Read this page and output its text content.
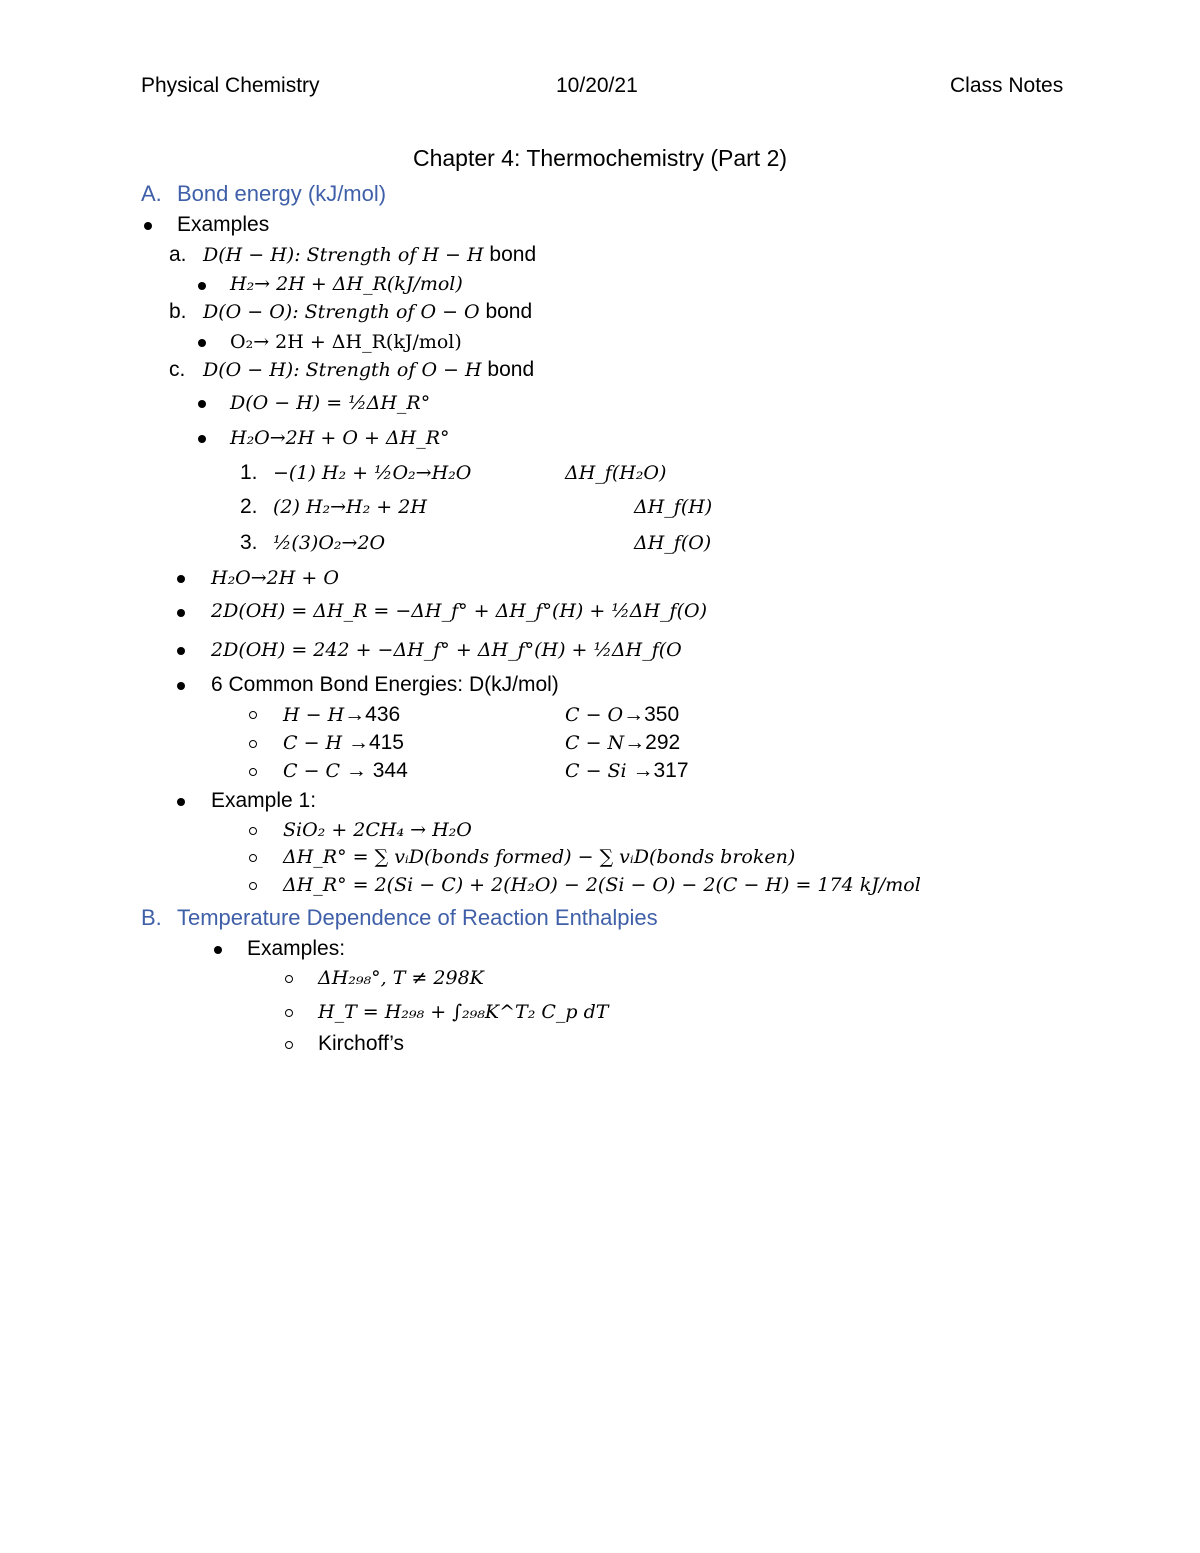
Physical Chemistry	10/20/21	Class Notes
Chapter 4: Thermochemistry (Part 2)
A. Bond energy (kJ/mol)
Examples
a. D(H − H): Strength of H − H bond
H₂→ 2H + ΔH_R(kJ/mol)
b. D(O − O): Strength of O − O bond
O₂→ 2H + ΔH_R(kJ/mol)
c. D(O − H): Strength of O − H bond
D(O − H) = ½ΔH_R°
H₂O→2H + O + ΔH_R°
1. −(1) H₂ + ½O₂→H₂O	ΔH_f(H₂O)
2. (2) H₂→H₂ + 2H	ΔH_f(H)
3. ½(3)O₂→2O	ΔH_f(O)
H₂O→2H + O
2D(OH) = ΔH_R = −ΔH_f° + ΔH_f°(H) + ½ΔH_f(O)
2D(OH) = 242 + −ΔH_f° + ΔH_f°(H) + ½ΔH_f(O
6 Common Bond Energies: D(kJ/mol)
H − H→436	C − O→350
C − H →415	C − N→292
C − C → 344	C − Si →317
Example 1:
SiO₂ + 2CH₄ → H₂O
ΔH_R° = ∑ vᵢD(bonds formed) − ∑ vᵢD(bonds broken)
ΔH_R° = 2(Si − C) + 2(H₂O) − 2(Si − O) − 2(C − H) = 174 kJ/mol
B. Temperature Dependence of Reaction Enthalpies
Examples:
ΔH₂₉₈°, T ≠ 298K
H_T = H₂₉₈ + ∫₂₉₈K^T₂ C_p dT
Kirchoff’s
